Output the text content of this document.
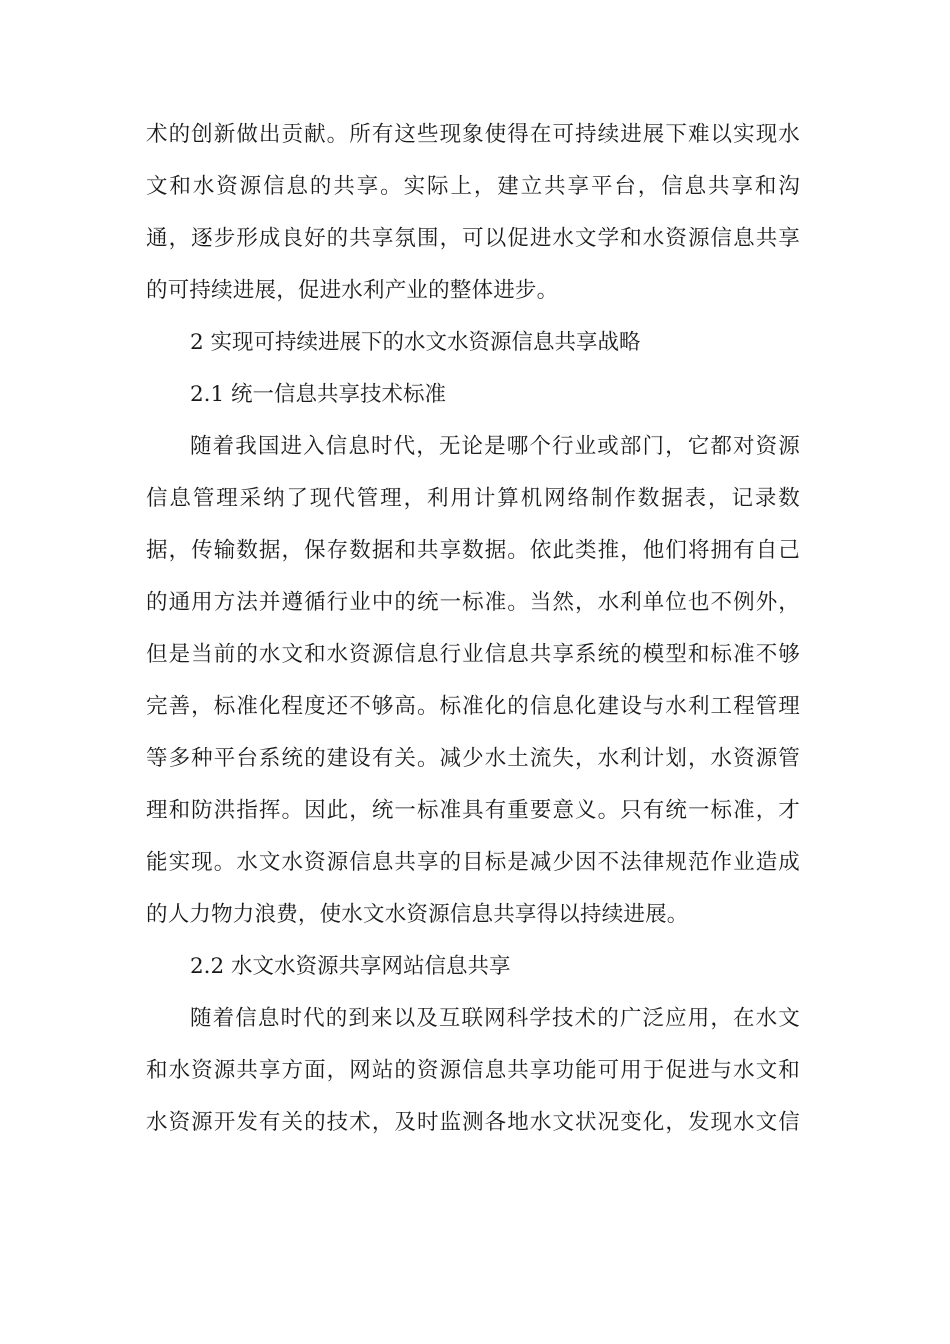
术的创新做出贡献。所有这些现象使得在可持续进展下难以实现水
文和水资源信息的共享。实际上，建立共享平台，信息共享和沟
通，逐步形成良好的共享氛围，可以促进水文学和水资源信息共享
的可持续进展，促进水利产业的整体进步。
2 实现可持续进展下的水文水资源信息共享战略
2.1 统一信息共享技术标准
随着我国进入信息时代，无论是哪个行业或部门，它都对资源
信息管理采纳了现代管理，利用计算机网络制作数据表，记录数
据，传输数据，保存数据和共享数据。依此类推，他们将拥有自己
的通用方法并遵循行业中的统一标准。当然，水利单位也不例外，
但是当前的水文和水资源信息行业信息共享系统的模型和标准不够
完善，标准化程度还不够高。标准化的信息化建设与水利工程管理
等多种平台系统的建设有关。减少水土流失，水利计划，水资源管
理和防洪指挥。因此，统一标准具有重要意义。只有统一标准，才
能实现。水文水资源信息共享的目标是减少因不法律规范作业造成
的人力物力浪费，使水文水资源信息共享得以持续进展。
2.2 水文水资源共享网站信息共享
随着信息时代的到来以及互联网科学技术的广泛应用，在水文
和水资源共享方面，网站的资源信息共享功能可用于促进与水文和
水资源开发有关的技术，及时监测各地水文状况变化，发现水文信
